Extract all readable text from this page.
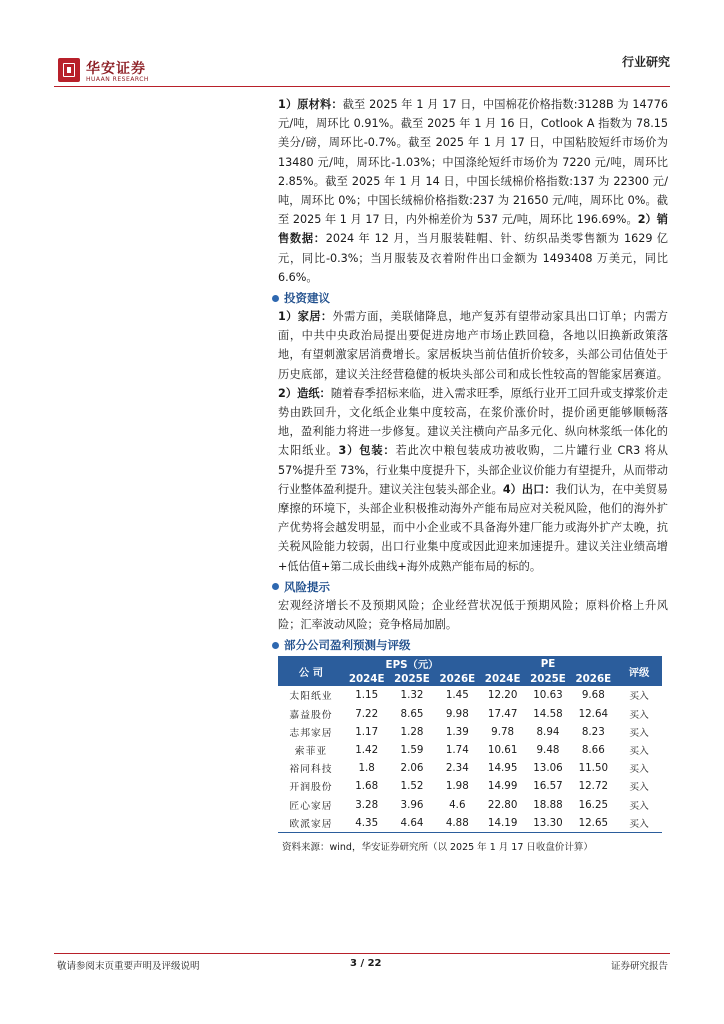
华安证券
HUAAN RESEARCH
行业研究

1）原材料：截至 2025 年 1 月 17 日，中国棉花价格指数:3128B 为 14776 元/吨，周环比 0.91%。截至 2025 年 1 月 16 日，Cotlook A 指数为 78.15 美分/磅，周环比-0.7%。截至 2025 年 1 月 17 日，中国粘胶短纤市场价为 13480 元/吨，周环比-1.03%；中国涤纶短纤市场价为 7220 元/吨，周环比 2.85%。截至 2025 年 1 月 14 日，中国长绒棉价格指数:137 为 22300 元/吨，周环比 0%；中国长绒棉价格指数:237 为 21650 元/吨，周环比 0%。截至 2025 年 1 月 17 日，内外棉差价为 537 元/吨，周环比 196.69%。2）销售数据：2024 年 12 月，当月服装鞋帽、针、纺织品类零售额为 1629 亿元，同比-0.3%；当月服装及衣着附件出口金额为 1493408 万美元，同比 6.6%。

投资建议

1）家居：外需方面，美联储降息，地产复苏有望带动家具出口订单；内需方面，中共中央政治局提出要促进房地产市场止跌回稳，各地以旧换新政策落地，有望刺激家居消费增长。家居板块当前估值折价较多，头部公司估值处于历史底部，建议关注经营稳健的板块头部公司和成长性较高的智能家居赛道。2）造纸：随着春季招标来临，进入需求旺季，原纸行业开工回升或支撑浆价走势由跌回升，文化纸企业集中度较高，在浆价涨价时，提价函更能够顺畅落地，盈利能力将进一步修复。建议关注横向产品多元化、纵向林浆纸一体化的太阳纸业。3）包装：若此次中粮包装成功被收购，二片罐行业 CR3 将从 57%提升至 73%，行业集中度提升下，头部企业议价能力有望提升，从而带动行业整体盈利提升。建议关注包装头部企业。4）出口：我们认为，在中美贸易摩擦的环境下，头部企业积极推动海外产能布局应对关税风险，他们的海外扩产优势将会越发明显，而中小企业或不具备海外建厂能力或海外扩产太晚，抗关税风险能力较弱，出口行业集中度或因此迎来加速提升。建议关注业绩高增+低估值+第二成长曲线+海外成熟产能布局的标的。

风险提示

宏观经济增长不及预期风险；企业经营状况低于预期风险；原料价格上升风险；汇率波动风险；竞争格局加剧。

部分公司盈利预测与评级
公 司	EPS（元）			PE			评级
	2024E	2025E	2026E	2024E	2025E	2026E	
太阳纸业	1.15	1.32	1.45	12.20	10.63	9.68	买入
嘉益股份	7.22	8.65	9.98	17.47	14.58	12.64	买入
志邦家居	1.17	1.28	1.39	9.78	8.94	8.23	买入
索菲亚	1.42	1.59	1.74	10.61	9.48	8.66	买入
裕同科技	1.8	2.06	2.34	14.95	13.06	11.50	买入
开润股份	1.68	1.52	1.98	14.99	16.57	12.72	买入
匠心家居	3.28	3.96	4.6	22.80	18.88	16.25	买入
欧派家居	4.35	4.64	4.88	14.19	13.30	12.65	买入
资料来源：wind，华安证券研究所（以 2025 年 1 月 17 日收盘价计算）
敬请参阅末页重要声明及评级说明	3 / 22	证券研究报告
